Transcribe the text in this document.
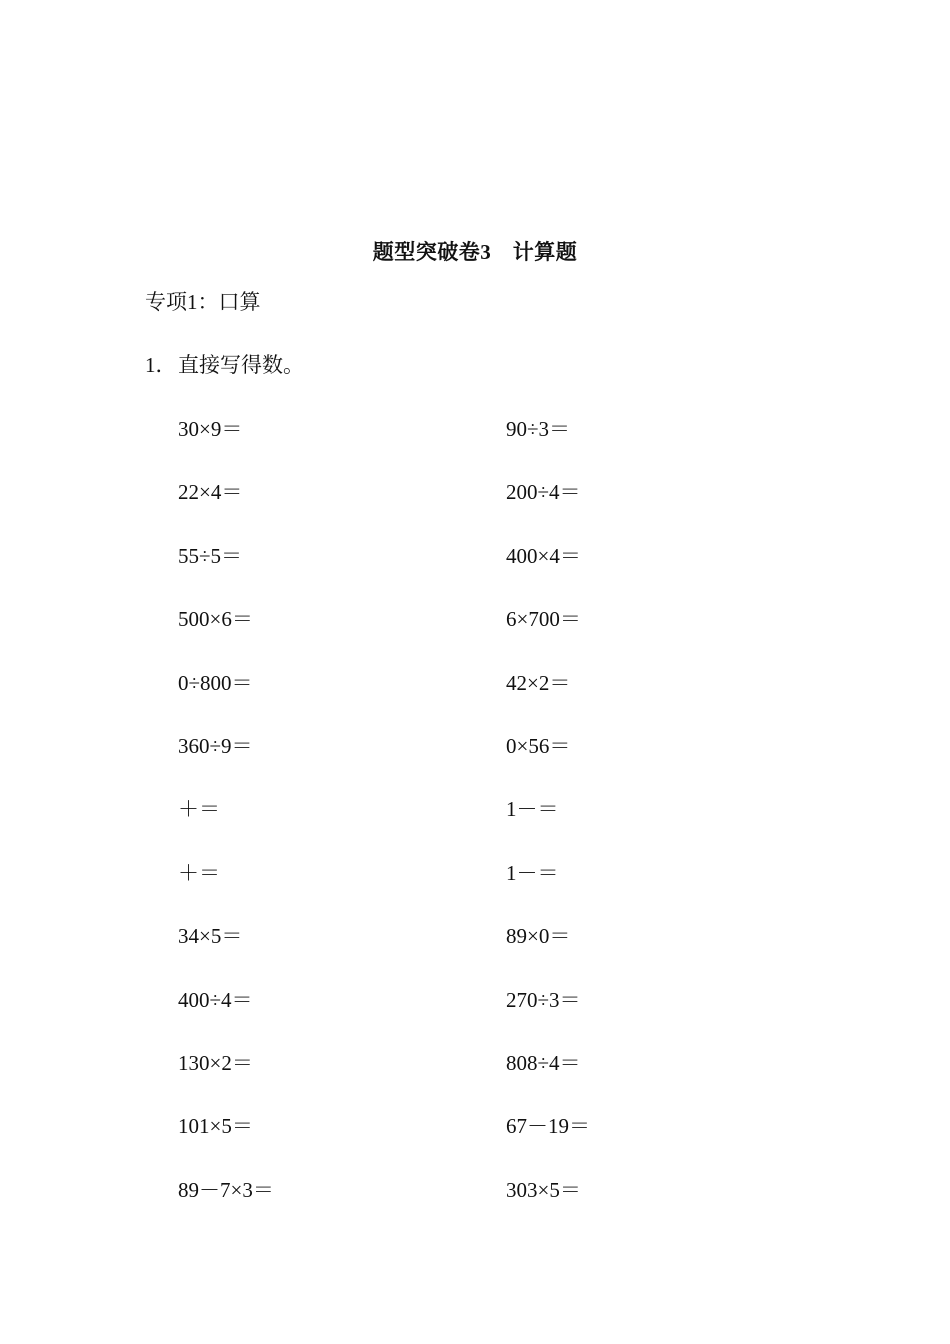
题型突破卷3　计算题
专项1：口算
1．直接写得数。
30×9＝	90÷3＝
22×4＝	200÷4＝
55÷5＝	400×4＝
500×6＝	6×700＝
0÷800＝	42×2＝
360÷9＝	0×56＝
＋＝	1－＝
＋＝	1－＝
34×5＝	89×0＝
400÷4＝	270÷3＝
130×2＝	808÷4＝
101×5＝	67－19＝
89－7×3＝	303×5＝
